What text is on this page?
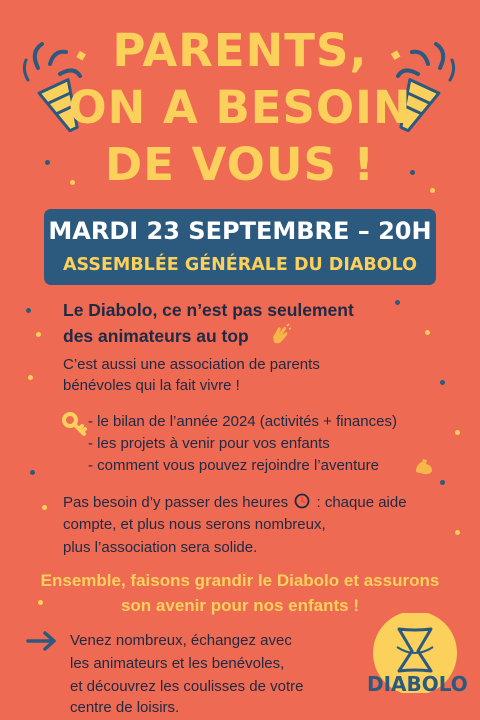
PARENTS,
ON A BESOIN
DE VOUS !
MARDI 23 SEPTEMBRE – 20H
ASSEMBLÉE GÉNÉRALE DU DIABOLO
Le Diabolo, ce n’est pas seulement
des animateurs au top
C’est aussi une association de parents
bénévoles qui la fait vivre !
- le bilan de l’année 2024 (activités + finances)
- les projets à venir pour vos enfants
- comment vous pouvez rejoindre l’aventure
Pas besoin d’y passer des heures : chaque aide
compte, et plus nous serons nombreux,
plus l’association sera solide.
Ensemble, faisons grandir le Diabolo et assurons
son avenir pour nos enfants !
Venez nombreux, échangez avec
les animateurs et les benévoles,
et découvrez les coulisses de votre
centre de loisirs.
DIABOLO
